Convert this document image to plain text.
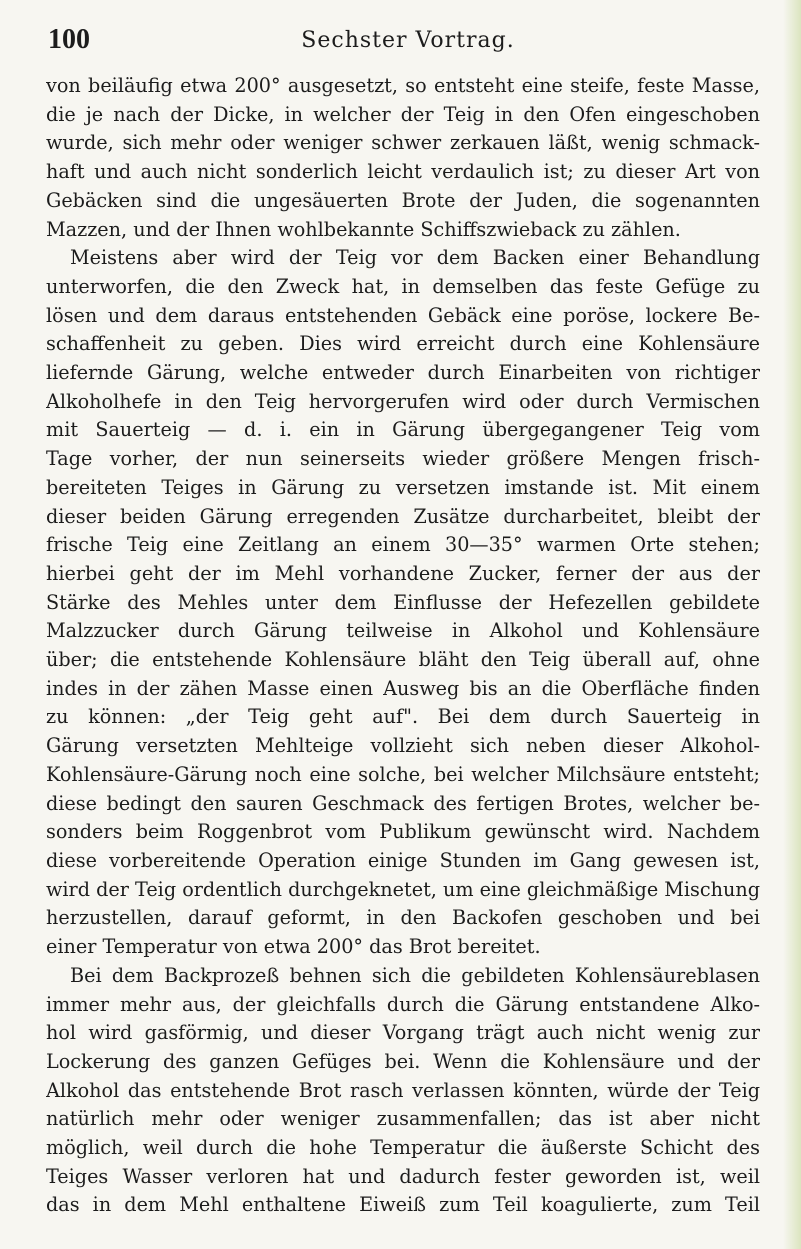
100	Sechster Vortrag.
von beiläufig etwa 200° ausgesetzt, so entsteht eine steife, feste Masse,
die je nach der Dicke, in welcher der Teig in den Ofen eingeschoben
wurde, sich mehr oder weniger schwer zerkauen läßt, wenig schmack-
haft und auch nicht sonderlich leicht verdaulich ist; zu dieser Art von
Gebäcken sind die ungesäuerten Brote der Juden, die sogenannten
Mazzen, und der Ihnen wohlbekannte Schiffszwieback zu zählen.
Meistens aber wird der Teig vor dem Backen einer Behandlung
unterworfen, die den Zweck hat, in demselben das feste Gefüge zu
lösen und dem daraus entstehenden Gebäck eine poröse, lockere Be-
schaffenheit zu geben. Dies wird erreicht durch eine Kohlensäure
liefernde Gärung, welche entweder durch Einarbeiten von richtiger
Alkoholhefe in den Teig hervorgerufen wird oder durch Vermischen
mit Sauerteig — d. i. ein in Gärung übergegangener Teig vom
Tage vorher, der nun seinerseits wieder größere Mengen frisch-
bereiteten Teiges in Gärung zu versetzen imstande ist. Mit einem
dieser beiden Gärung erregenden Zusätze durcharbeitet, bleibt der
frische Teig eine Zeitlang an einem 30—35° warmen Orte stehen;
hierbei geht der im Mehl vorhandene Zucker, ferner der aus der
Stärke des Mehles unter dem Einflusse der Hefezellen gebildete
Malzzucker durch Gärung teilweise in Alkohol und Kohlensäure
über; die entstehende Kohlensäure bläht den Teig überall auf, ohne
indes in der zähen Masse einen Ausweg bis an die Oberfläche finden
zu können: „der Teig geht auf". Bei dem durch Sauerteig in
Gärung versetzten Mehlteige vollzieht sich neben dieser Alkohol-
Kohlensäure-Gärung noch eine solche, bei welcher Milchsäure entsteht;
diese bedingt den sauren Geschmack des fertigen Brotes, welcher be-
sonders beim Roggenbrot vom Publikum gewünscht wird. Nachdem
diese vorbereitende Operation einige Stunden im Gang gewesen ist,
wird der Teig ordentlich durchgeknetet, um eine gleichmäßige Mischung
herzustellen, darauf geformt, in den Backofen geschoben und bei
einer Temperatur von etwa 200° das Brot bereitet.
Bei dem Backprozeß behnen sich die gebildeten Kohlensäureblasen
immer mehr aus, der gleichfalls durch die Gärung entstandene Alko-
hol wird gasförmig, und dieser Vorgang trägt auch nicht wenig zur
Lockerung des ganzen Gefüges bei. Wenn die Kohlensäure und der
Alkohol das entstehende Brot rasch verlassen könnten, würde der Teig
natürlich mehr oder weniger zusammenfallen; das ist aber nicht
möglich, weil durch die hohe Temperatur die äußerste Schicht des
Teiges Wasser verloren hat und dadurch fester geworden ist, weil
das in dem Mehl enthaltene Eiweiß zum Teil koagulierte, zum Teil
